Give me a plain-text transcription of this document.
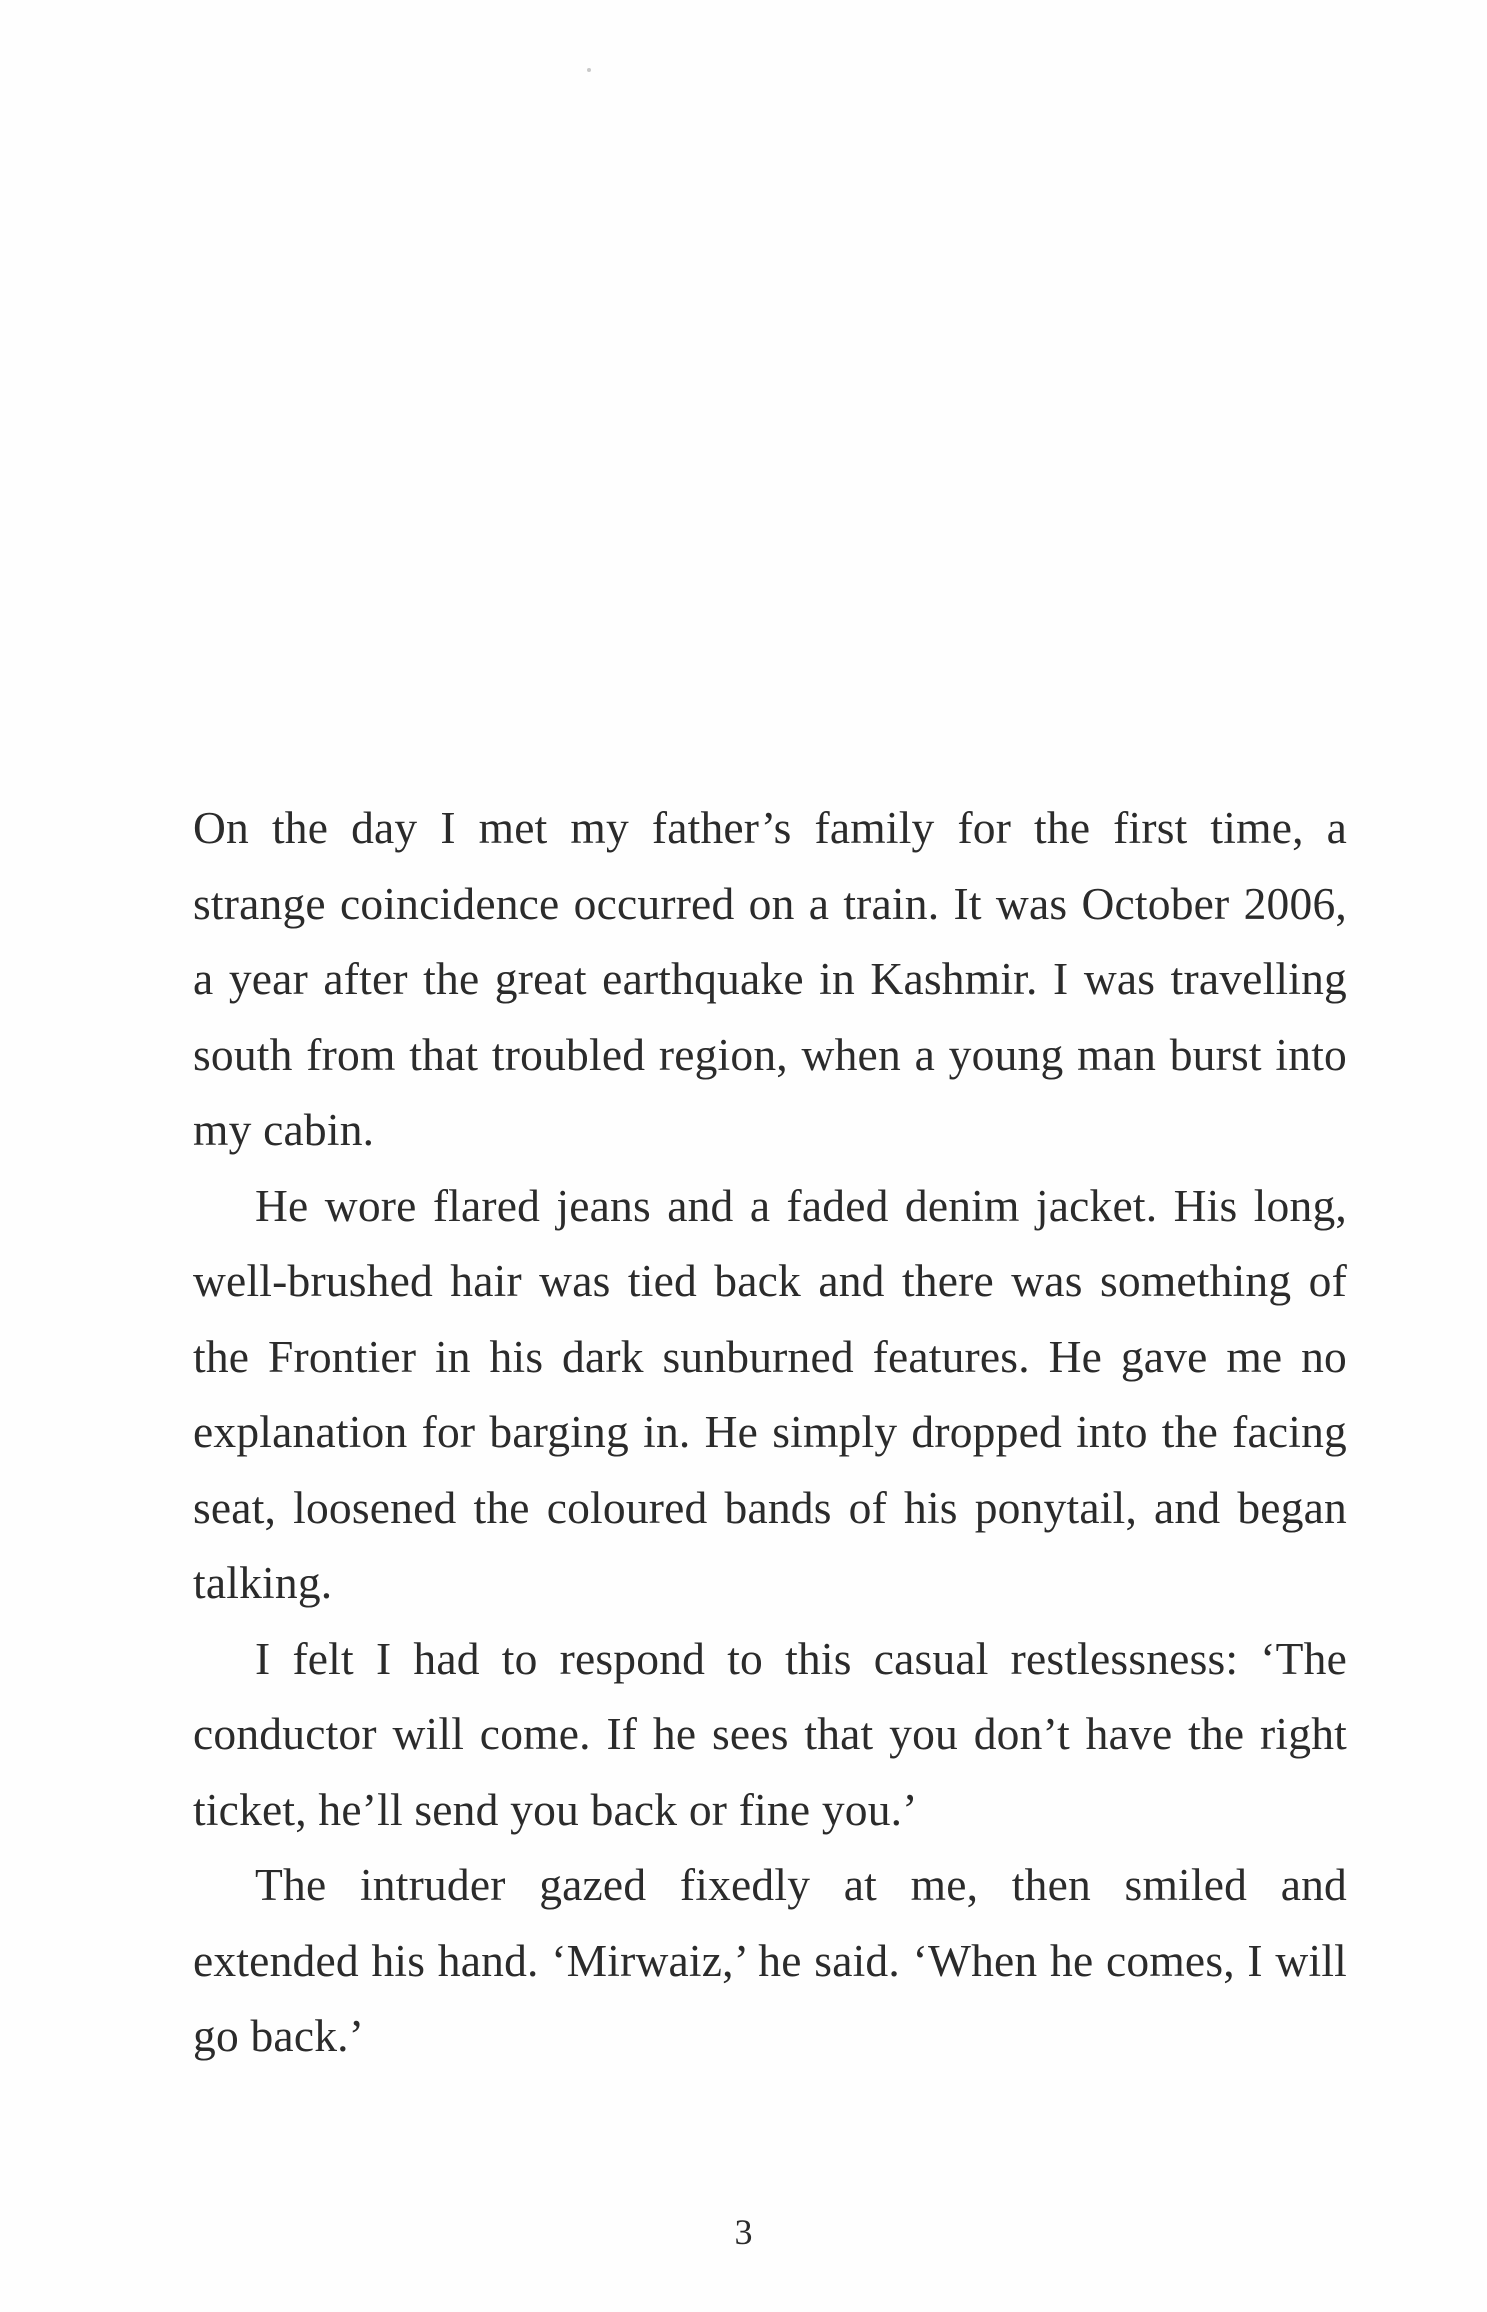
On the day I met my father’s family for the first time, a strange coincidence occurred on a train. It was October 2006, a year after the great earthquake in Kashmir. I was travelling south from that troubled region, when a young man burst into my cabin.

He wore flared jeans and a faded denim jacket. His long, well-brushed hair was tied back and there was something of the Frontier in his dark sunburned features. He gave me no explanation for barging in. He simply dropped into the facing seat, loosened the coloured bands of his ponytail, and began talking.

I felt I had to respond to this casual restlessness: ‘The conductor will come. If he sees that you don’t have the right ticket, he’ll send you back or fine you.’

The intruder gazed fixedly at me, then smiled and extended his hand. ‘Mirwaiz,’ he said. ‘When he comes, I will go back.’

3
